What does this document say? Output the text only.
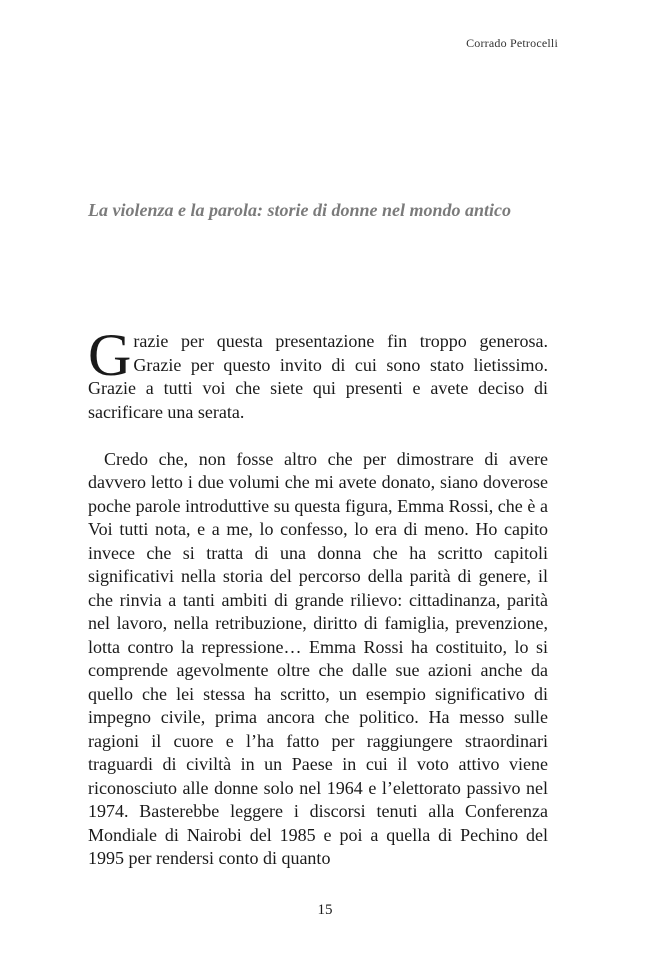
Corrado Petrocelli
La violenza e la parola: storie di donne nel mondo antico

Grazie per questa presentazione fin troppo generosa. Grazie per questo invito di cui sono stato lietissimo. Grazie a tutti voi che siete qui presenti e avete deciso di sacrificare una serata.

Credo che, non fosse altro che per dimostrare di avere davvero letto i due volumi che mi avete donato, siano doverose poche parole introduttive su questa figura, Emma Rossi, che è a Voi tutti nota, e a me, lo confesso, lo era di meno. Ho capito invece che si tratta di una donna che ha scritto capitoli significativi nella storia del percorso della parità di genere, il che rinvia a tanti ambiti di grande rilievo: cittadinanza, parità nel lavoro, nella retribuzione, diritto di famiglia, prevenzione, lotta contro la repressione… Emma Rossi ha costituito, lo si comprende agevolmente oltre che dalle sue azioni anche da quello che lei stessa ha scritto, un esempio significativo di impegno civile, prima ancora che politico. Ha messo sulle ragioni il cuore e l’ha fatto per raggiungere straordinari traguardi di civiltà in un Paese in cui il voto attivo viene riconosciuto alle donne solo nel 1964 e l’elettorato passivo nel 1974. Basterebbe leggere i discorsi tenuti alla Conferenza Mondiale di Nairobi del 1985 e poi a quella di Pechino del 1995 per rendersi conto di quanto

15
